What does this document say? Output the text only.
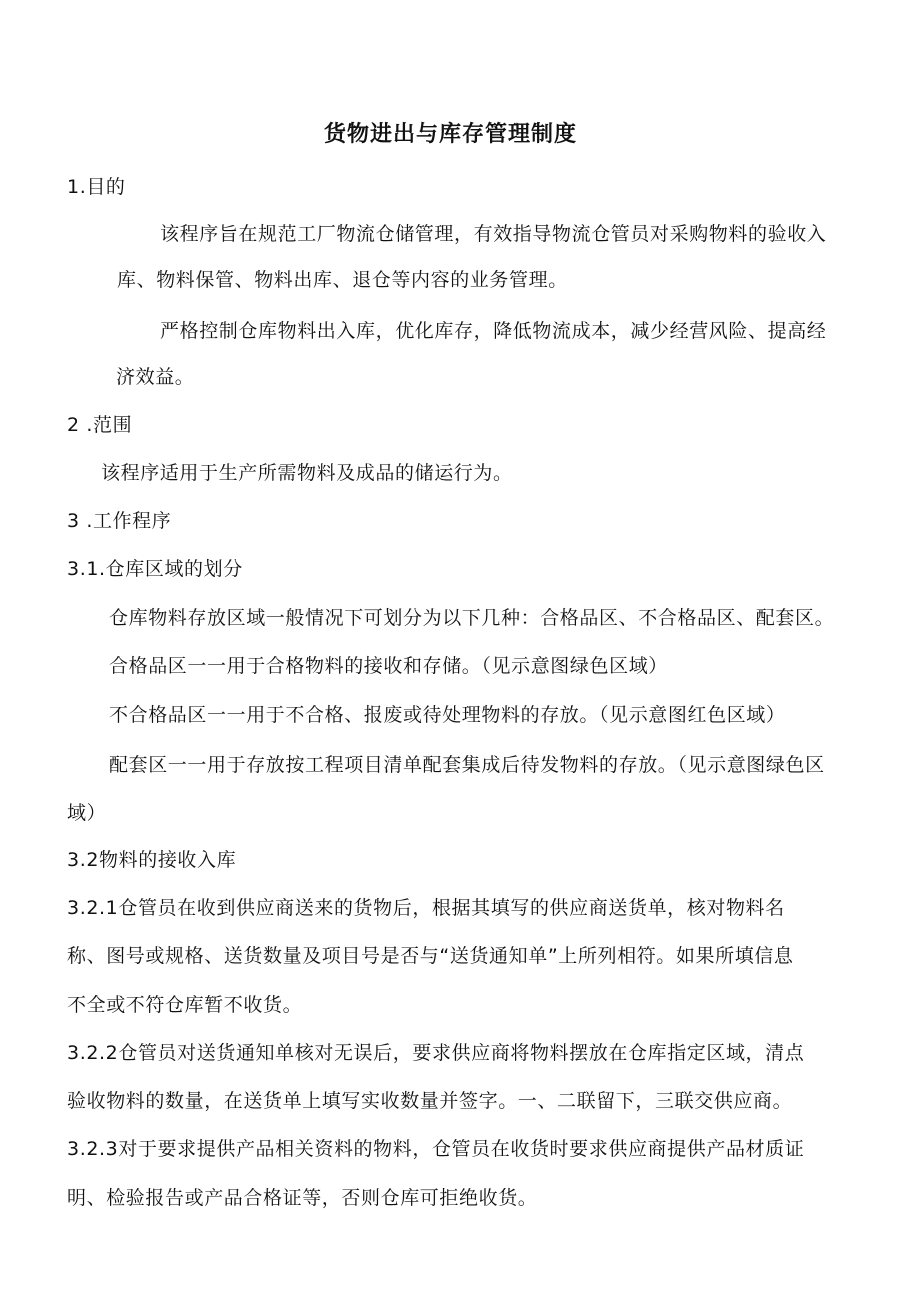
货物进出与库存管理制度
1.目的
该程序旨在规范工厂物流仓储管理，有效指导物流仓管员对采购物料的验收入
库、物料保管、物料出库、退仓等内容的业务管理。
严格控制仓库物料出入库，优化库存，降低物流成本，减少经营风险、提高经
济效益。
2 .范围
该程序适用于生产所需物料及成品的储运行为。
3 .工作程序
3.1.仓库区域的划分
仓库物料存放区域一般情况下可划分为以下几种：合格品区、不合格品区、配套区。
合格品区一一用于合格物料的接收和存储。（见示意图绿色区域）
不合格品区一一用于不合格、报废或待处理物料的存放。（见示意图红色区域）
配套区一一用于存放按工程项目清单配套集成后待发物料的存放。（见示意图绿色区
域）
3.2物料的接收入库
3.2.1仓管员在收到供应商送来的货物后，根据其填写的供应商送货单，核对物料名
称、图号或规格、送货数量及项目号是否与“送货通知单”上所列相符。如果所填信息
不全或不符仓库暂不收货。
3.2.2仓管员对送货通知单核对无误后，要求供应商将物料摆放在仓库指定区域，清点
验收物料的数量，在送货单上填写实收数量并签字。一、二联留下，三联交供应商。
3.2.3对于要求提供产品相关资料的物料，仓管员在收货时要求供应商提供产品材质证
明、检验报告或产品合格证等，否则仓库可拒绝收货。
